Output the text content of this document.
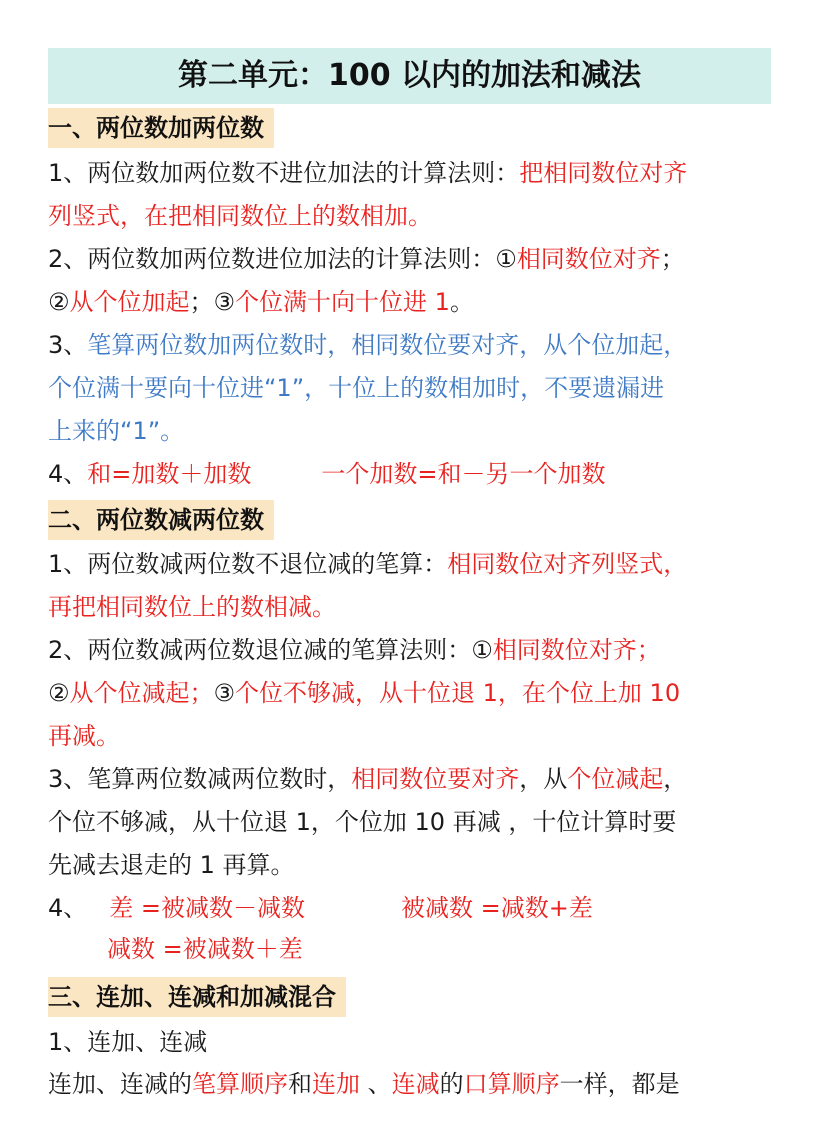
第二单元：100 以内的加法和减法
一、两位数加两位数
1、两位数加两位数不进位加法的计算法则：把相同数位对齐
列竖式，在把相同数位上的数相加。
2、两位数加两位数进位加法的计算法则：①相同数位对齐；
②从个位加起；③个位满十向十位进 1。
3、笔算两位数加两位数时，相同数位要对齐，从个位加起，
个位满十要向十位进“1”，十位上的数相加时，不要遗漏进
上来的“1”。
4、和=加数＋加数	一个加数=和－另一个加数
二、两位数减两位数
1、两位数减两位数不退位减的笔算：相同数位对齐列竖式，
再把相同数位上的数相减。
2、两位数减两位数退位减的笔算法则：①相同数位对齐；
②从个位减起；③个位不够减，从十位退 1，在个位上加 10
再减。
3、笔算两位数减两位数时，相同数位要对齐，从个位减起，
个位不够减，从十位退 1，个位加 10 再减 ，十位计算时要
先减去退走的 1 再算。
4、 差 =被减数－减数	被减数 =减数+差
减数 =被减数＋差
三、连加、连减和加减混合
1、连加、连减
连加、连减的笔算顺序和连加 、连减的口算顺序一样，都是
